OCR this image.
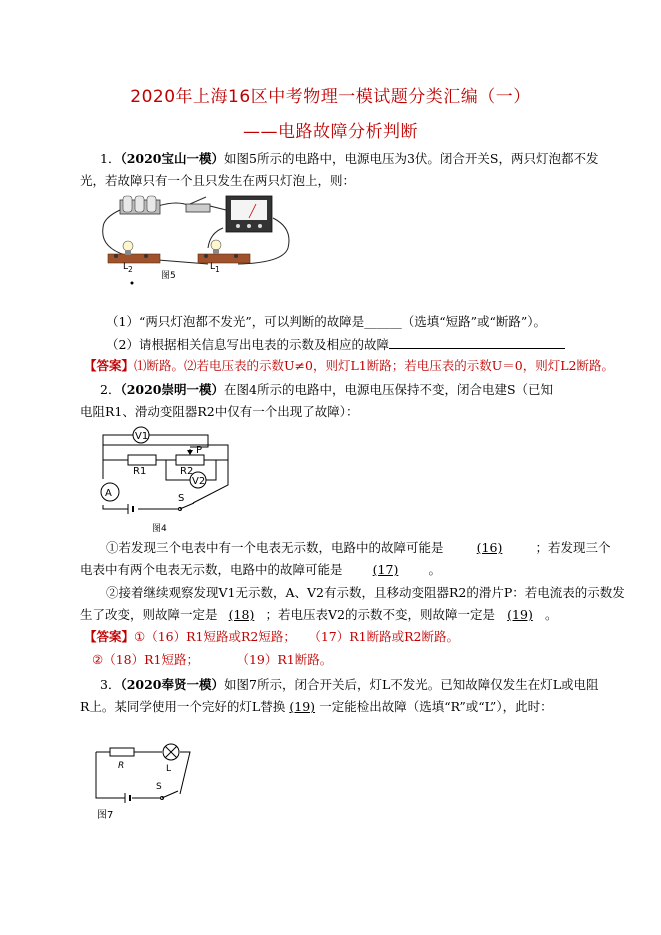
2020年上海16区中考物理一模试题分类汇编（一）
——电路故障分析判断
1．（2020宝山一模）如图5所示的电路中，电源电压为3伏。闭合开关S，两只灯泡都不发
光，若故障只有一个且只发生在两只灯泡上，则：
$L_2$	$L_1$
图5
（1）“两只灯泡都不发光”，可以判断的故障是______（选填“短路”或“断路”）。
（2）请根据相关信息写出电表的示数及相应的故障
【答案】⑴断路。⑵若电压表的示数U≠0，则灯L1断路；若电压表的示数U＝0，则灯L2断路。
2．（2020崇明一模）在图4所示的电路中，电源电压保持不变，闭合电建S（已知
电阻R1、滑动变阻器R2中仅有一个出现了故障）：
V1
V2
A
R1	R2
P
S
图4
①若发现三个电表中有一个电表无示数，电路中的故障可能是	(16)	；若发现三个
电表中有两个电表无示数，电路中的故障可能是 (17) 。
②接着继续观察发现V1无示数，A、V2有示数，且移动变阻器R2的滑片P：若电流表的示数发
生了改变，则故障一定是 (18) ；若电压表V2的示数不变，则故障一定是 (19) 。
【答案】①（16）R1短路或R2短路；　　（17）R1断路或R2断路。
②（18）R1短路；　　　　（19）R1断路。
3．（2020奉贤一模）如图7所示，闭合开关后，灯L不发光。已知故障仅发生在灯L或电阻
R上。某同学使用一个完好的灯L替换 (19) 一定能检出故障（选填“R”或“L”），此时：
R	L
S
图7
